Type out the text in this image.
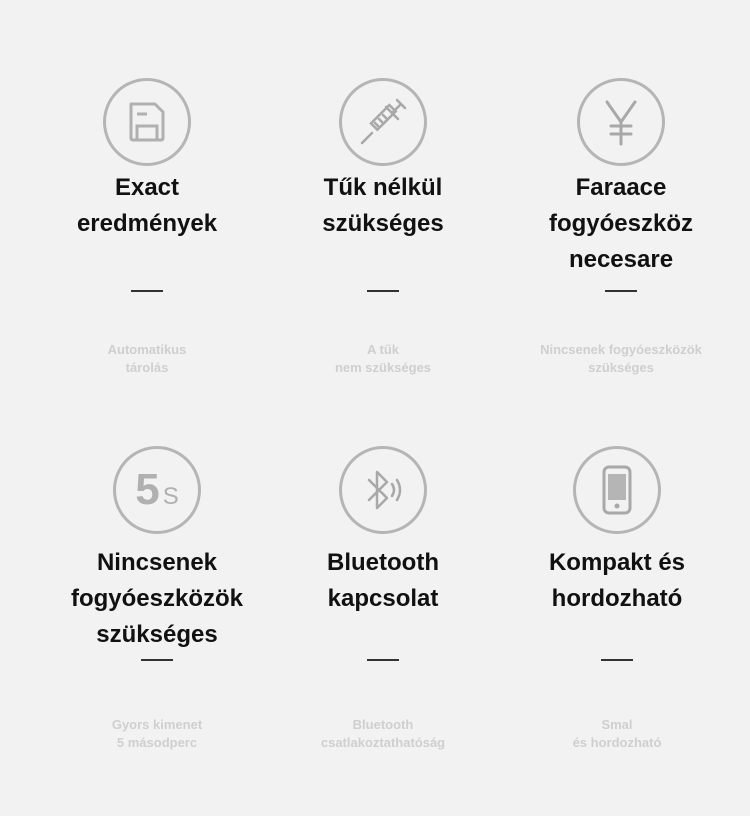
Exact
eredmények
Automatikus
tárolás
Tűk nélkül
szükséges
A tűk
nem szükséges
Faraace
fogyóeszköz
necesare
Nincsenek fogyóeszközök
szükséges
5 S
Nincsenek
fogyóeszközök
szükséges
Gyors kimenet
5 másodperc
Bluetooth
kapcsolat
Bluetooth
csatlakoztathatóság
Kompakt és
hordozható
Smal
és hordozható
